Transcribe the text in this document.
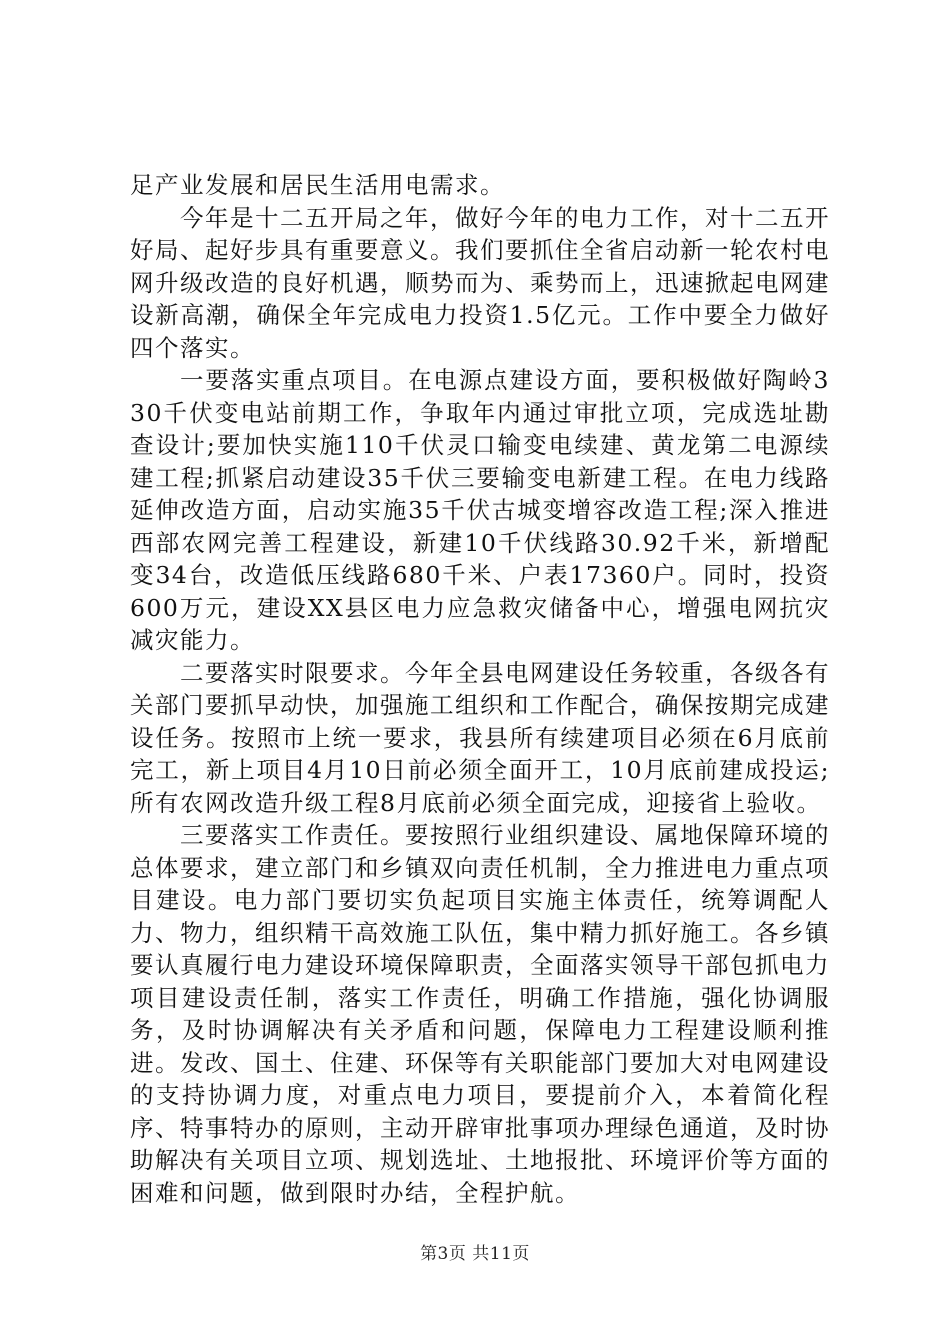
足产业发展和居民生活用电需求。

今年是十二五开局之年，做好今年的电力工作，对十二五开好局、起好步具有重要意义。我们要抓住全省启动新一轮农村电网升级改造的良好机遇，顺势而为、乘势而上，迅速掀起电网建设新高潮，确保全年完成电力投资1.5亿元。工作中要全力做好四个落实。

一要落实重点项目。在电源点建设方面，要积极做好陶岭330千伏变电站前期工作，争取年内通过审批立项，完成选址勘查设计;要加快实施110千伏灵口输变电续建、黄龙第二电源续建工程;抓紧启动建设35千伏三要输变电新建工程。在电力线路延伸改造方面，启动实施35千伏古城变增容改造工程;深入推进西部农网完善工程建设，新建10千伏线路30.92千米，新增配变34台，改造低压线路680千米、户表17360户。同时，投资600万元，建设XX县区电力应急救灾储备中心，增强电网抗灾减灾能力。

二要落实时限要求。今年全县电网建设任务较重，各级各有关部门要抓早动快，加强施工组织和工作配合，确保按期完成建设任务。按照市上统一要求，我县所有续建项目必须在6月底前完工，新上项目4月10日前必须全面开工，10月底前建成投运;所有农网改造升级工程8月底前必须全面完成，迎接省上验收。

三要落实工作责任。要按照行业组织建设、属地保障环境的总体要求，建立部门和乡镇双向责任机制，全力推进电力重点项目建设。电力部门要切实负起项目实施主体责任，统筹调配人力、物力，组织精干高效施工队伍，集中精力抓好施工。各乡镇要认真履行电力建设环境保障职责，全面落实领导干部包抓电力项目建设责任制，落实工作责任，明确工作措施，强化协调服务，及时协调解决有关矛盾和问题，保障电力工程建设顺利推进。发改、国土、住建、环保等有关职能部门要加大对电网建设的支持协调力度，对重点电力项目，要提前介入，本着简化程序、特事特办的原则，主动开辟审批事项办理绿色通道，及时协助解决有关项目立项、规划选址、土地报批、环境评价等方面的困难和问题，做到限时办结，全程护航。

第3页 共11页
